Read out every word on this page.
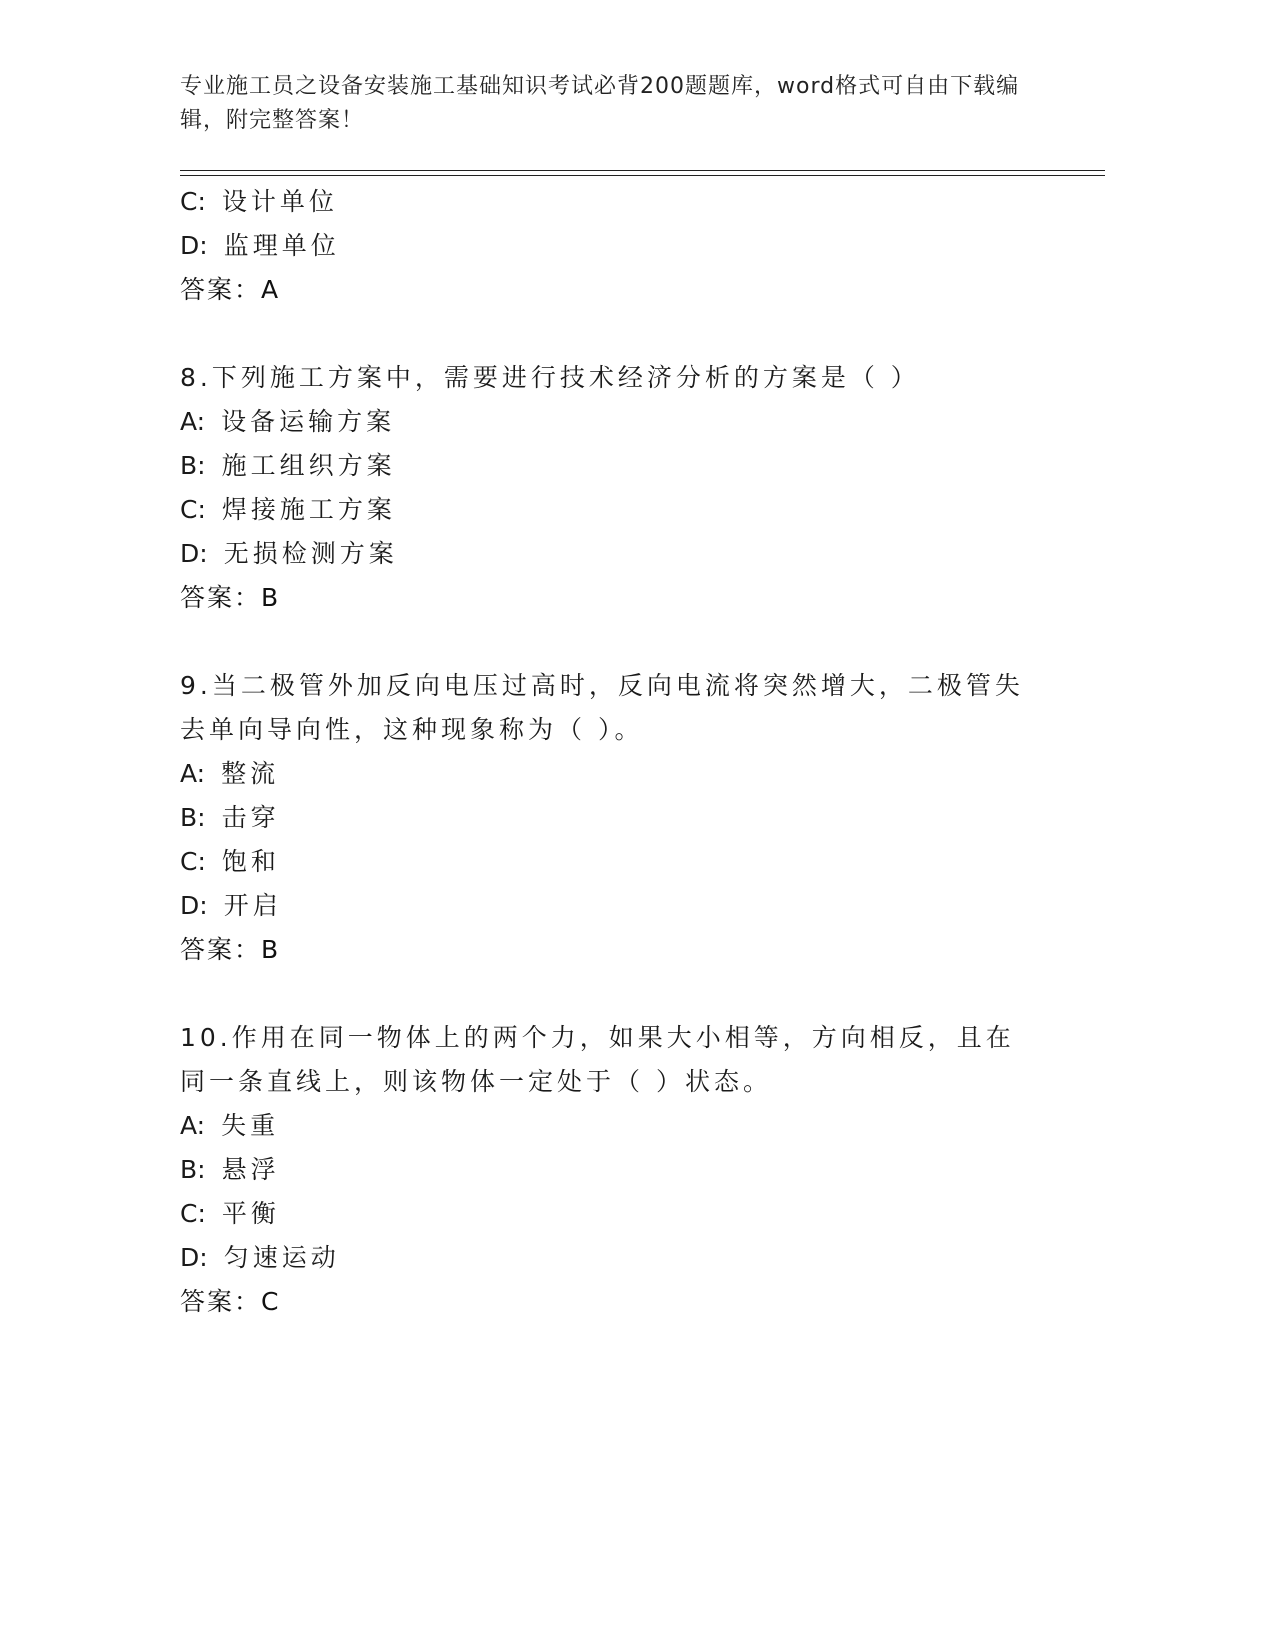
专业施工员之设备安装施工基础知识考试必背200题题库，word格式可自由下载编辑，附完整答案！
C: 设计单位
D: 监理单位
答案：A
8.下列施工方案中，需要进行技术经济分析的方案是（ ）
A: 设备运输方案
B: 施工组织方案
C: 焊接施工方案
D: 无损检测方案
答案：B
9.当二极管外加反向电压过高时，反向电流将突然增大，二极管失去单向导向性，这种现象称为（ ）。
A: 整流
B: 击穿
C: 饱和
D: 开启
答案：B
10.作用在同一物体上的两个力，如果大小相等，方向相反，且在同一条直线上，则该物体一定处于（ ）状态。
A: 失重
B: 悬浮
C: 平衡
D: 匀速运动
答案：C
